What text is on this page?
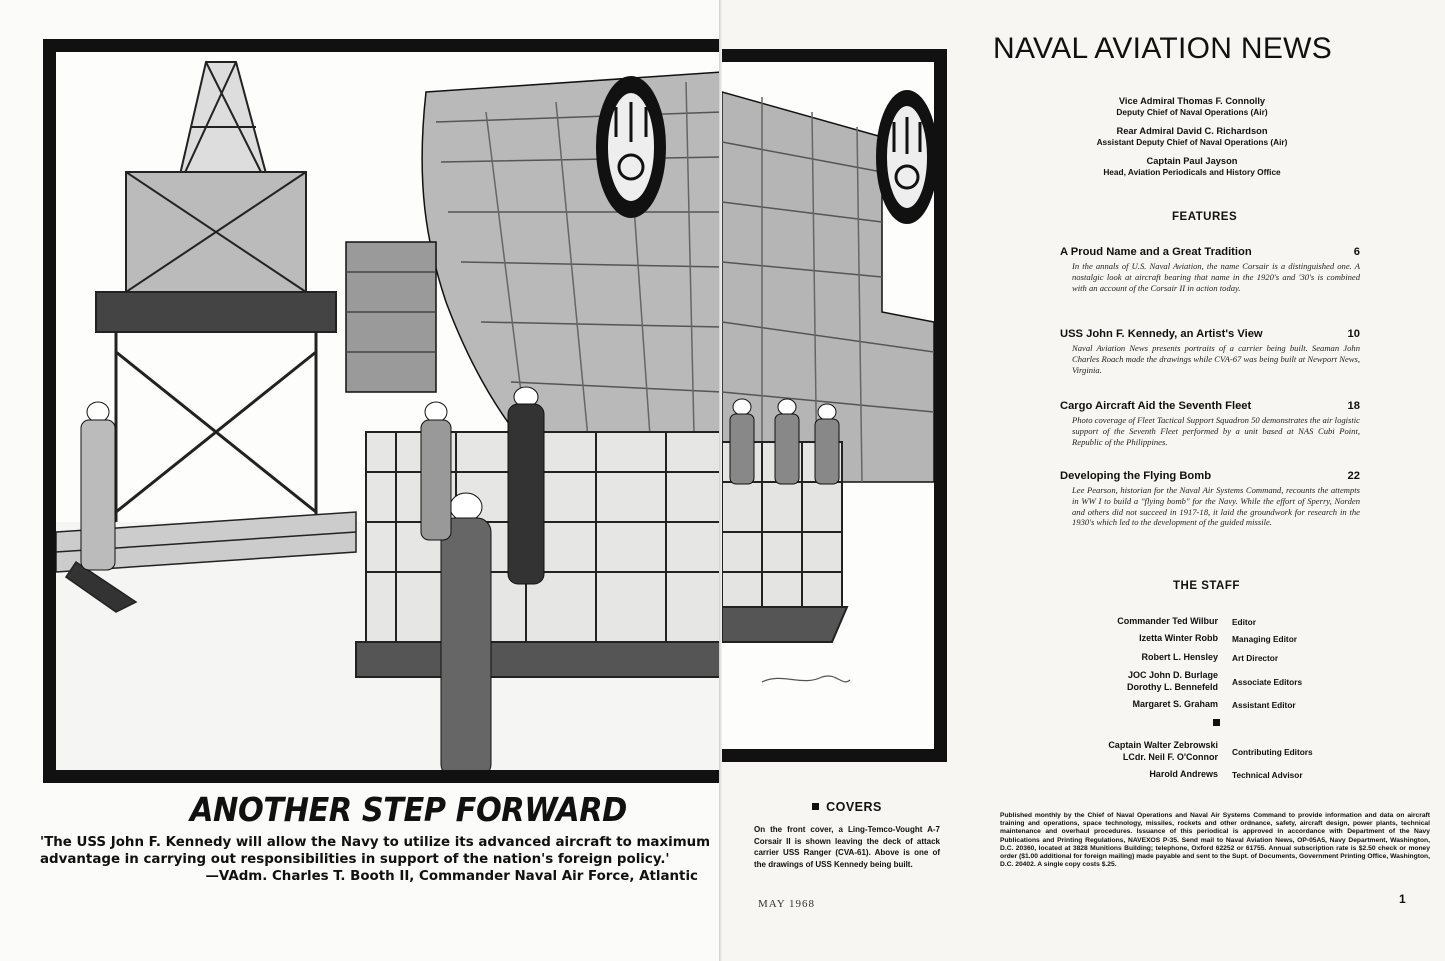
ANOTHER STEP FORWARD

'The USS John F. Kennedy will allow the Navy to utilize its advanced aircraft to maximum advantage in carrying out responsibilities in support of the nation's foreign policy.'
—VAdm. Charles T. Booth II, Commander Naval Air Force, Atlantic

NAVAL AVIATION NEWS
Vice Admiral Thomas F. Connolly
Deputy Chief of Naval Operations (Air)
Rear Admiral David C. Richardson
Assistant Deputy Chief of Naval Operations (Air)
Captain Paul Jayson
Head, Aviation Periodicals and History Office
FEATURES

A Proud Name and a Great Tradition	6

In the annals of U.S. Naval Aviation, the name Corsair is a distinguished one. A nostalgic look at aircraft bearing that name in the 1920's and '30's is combined with an account of the Corsair II in action today.

USS John F. Kennedy, an Artist's View	10

Naval Aviation News presents portraits of a carrier being built. Seaman John Charles Roach made the drawings while CVA-67 was being built at Newport News, Virginia.

Cargo Aircraft Aid the Seventh Fleet	18

Photo coverage of Fleet Tactical Support Squadron 50 demonstrates the air logistic support of the Seventh Fleet performed by a unit based at NAS Cubi Point, Republic of the Philippines.

Developing the Flying Bomb	22

Lee Pearson, historian for the Naval Air Systems Command, recounts the attempts in WW I to build a "flying bomb" for the Navy. While the effort of Sperry, Norden and others did not succeed in 1917-18, it laid the groundwork for research in the 1930's which led to the development of the guided missile.

THE STAFF
Commander Ted Wilbur	Editor
Izetta Winter Robb	Managing Editor
Robert L. Hensley	Art Director
JOC John D. Burlage
Dorothy L. Bennefeld	Associate Editors
Margaret S. Graham	Assistant Editor
Captain Walter Zebrowski
LCdr. Neil F. O'Connor	Contributing Editors
Harold Andrews	Technical Advisor
COVERS

On the front cover, a Ling-Temco-Vought A-7 Corsair II is shown leaving the deck of attack carrier USS Ranger (CVA-61). Above is one of the drawings of USS Kennedy being built.

MAY 1968

Published monthly by the Chief of Naval Operations and Naval Air Systems Command to provide information and data on aircraft training and operations, space technology, missiles, rockets and other ordnance, safety, aircraft design, power plants, technical maintenance and overhaul procedures. Issuance of this periodical is approved in accordance with Department of the Navy Publications and Printing Regulations, NAVEXOS P-35. Send mail to Naval Aviation News, OP-05A5, Navy Department, Washington, D.C. 20360, located at 3828 Munitions Building; telephone, Oxford 62252 or 61755. Annual subscription rate is $2.50 check or money order ($1.00 additional for foreign mailing) made payable and sent to the Supt. of Documents, Government Printing Office, Washington, D.C. 20402. A single copy costs $.25.

1
